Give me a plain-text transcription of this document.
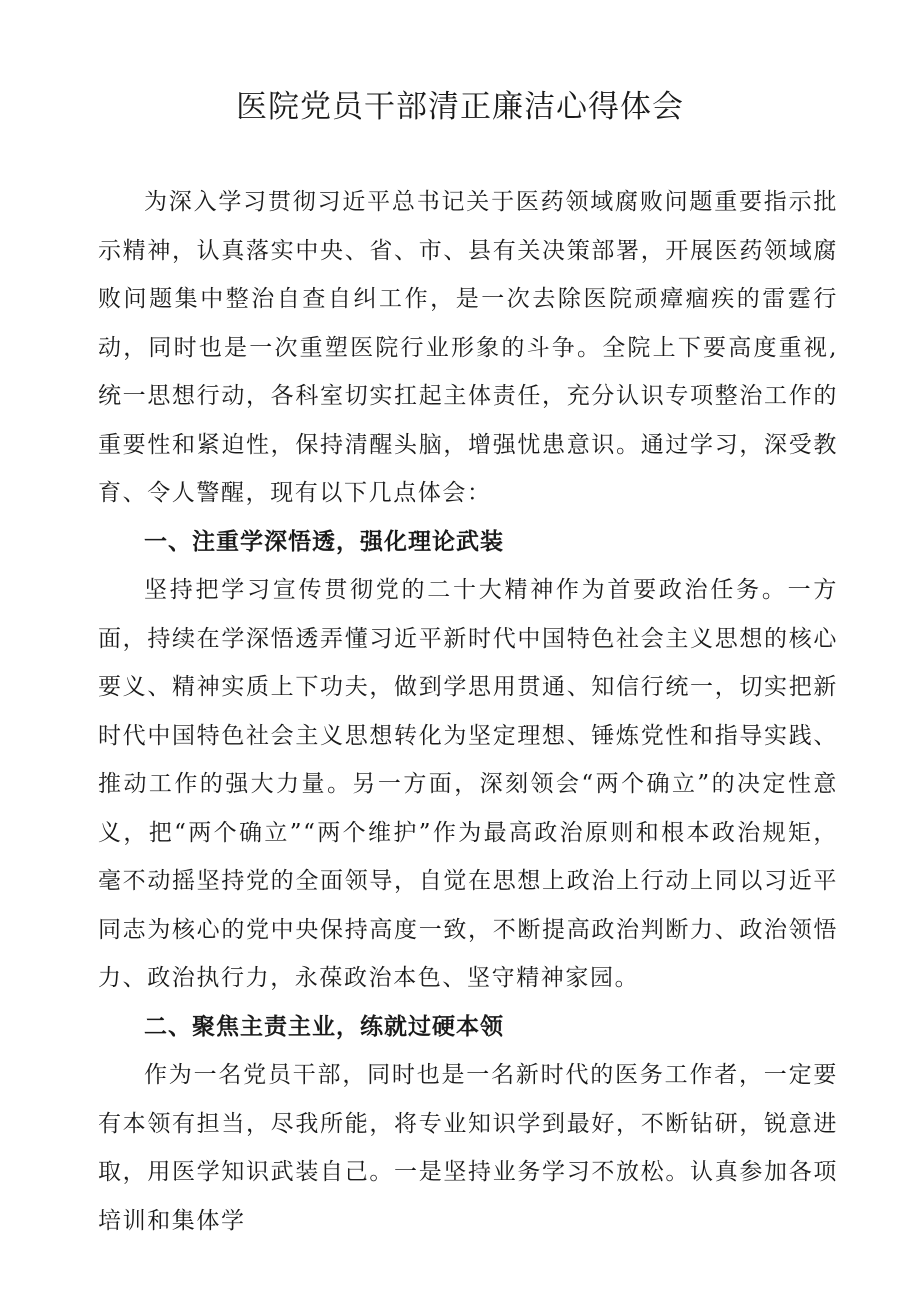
医院党员干部清正廉洁心得体会

为深入学习贯彻习近平总书记关于医药领域腐败问题重要指示批示精神，认真落实中央、省、市、县有关决策部署，开展医药领域腐败问题集中整治自查自纠工作，是一次去除医院顽瘴痼疾的雷霆行动，同时也是一次重塑医院行业形象的斗争。全院上下要高度重视,统一思想行动，各科室切实扛起主体责任，充分认识专项整治工作的重要性和紧迫性，保持清醒头脑，增强忧患意识。通过学习，深受教育、令人警醒，现有以下几点体会：

一、注重学深悟透，强化理论武装

坚持把学习宣传贯彻党的二十大精神作为首要政治任务。一方面，持续在学深悟透弄懂习近平新时代中国特色社会主义思想的核心要义、精神实质上下功夫，做到学思用贯通、知信行统一，切实把新时代中国特色社会主义思想转化为坚定理想、锤炼党性和指导实践、推动工作的强大力量。另一方面，深刻领会“两个确立”的决定性意义，把“两个确立”“两个维护”作为最高政治原则和根本政治规矩，毫不动摇坚持党的全面领导，自觉在思想上政治上行动上同以习近平同志为核心的党中央保持高度一致，不断提高政治判断力、政治领悟力、政治执行力，永葆政治本色、坚守精神家园。

二、聚焦主责主业，练就过硬本领

作为一名党员干部，同时也是一名新时代的医务工作者，一定要有本领有担当，尽我所能，将专业知识学到最好，不断钻研，锐意进取，用医学知识武装自己。一是坚持业务学习不放松。认真参加各项培训和集体学
